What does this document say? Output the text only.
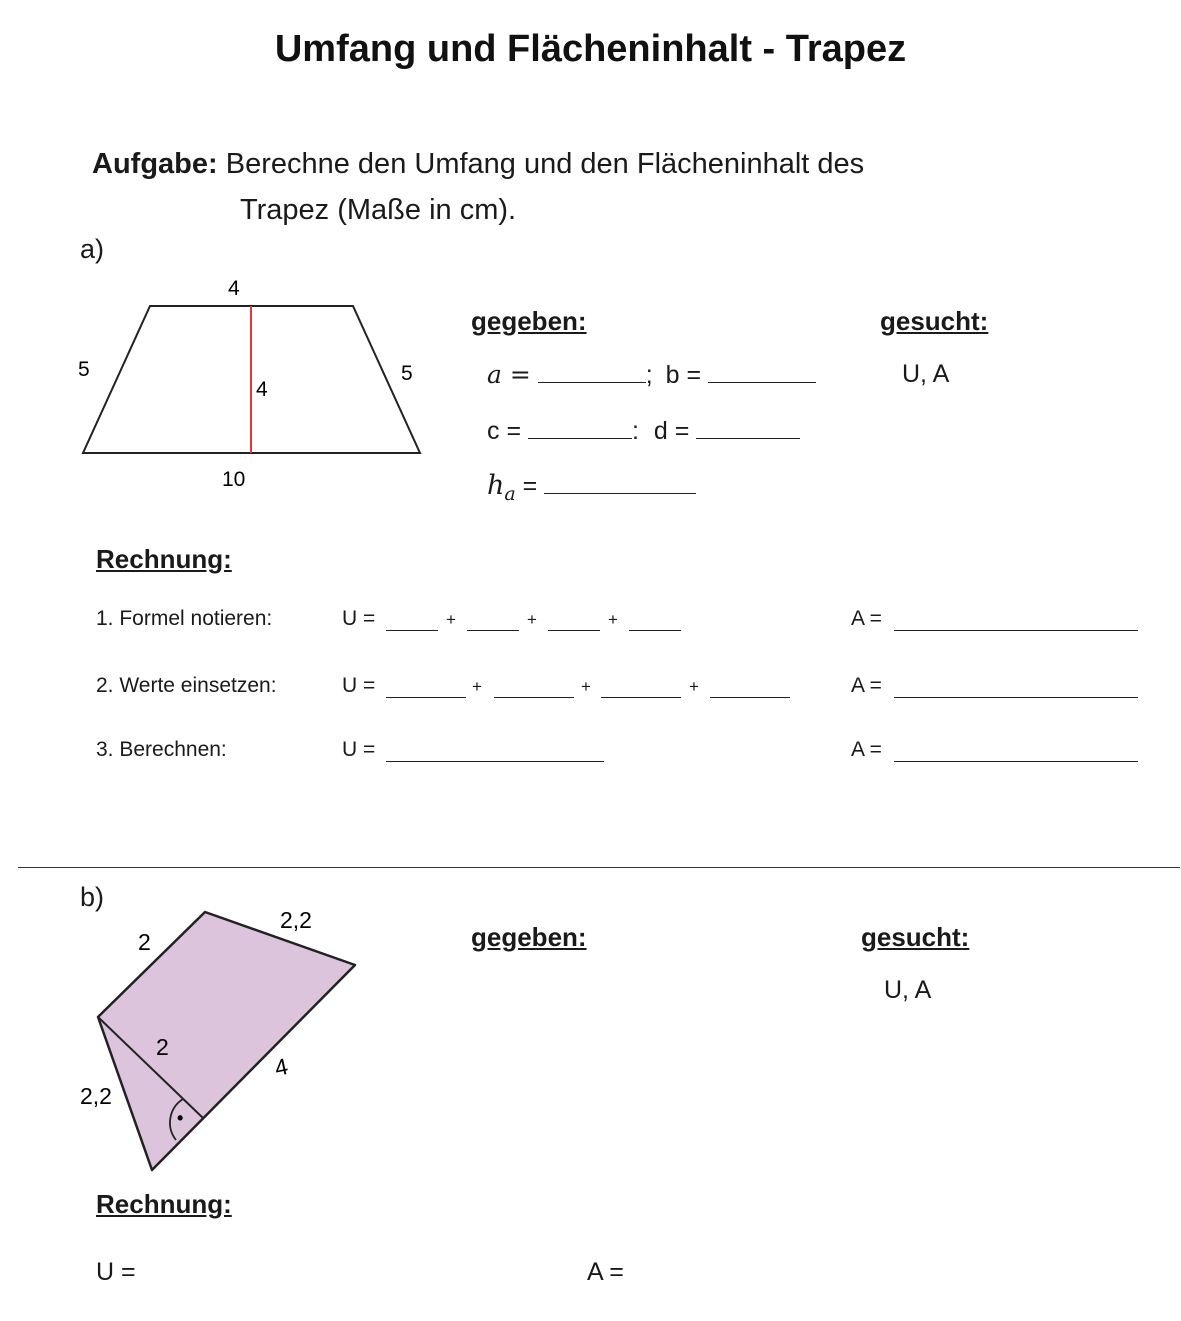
Umfang und Flächeninhalt - Trapez
Aufgabe: Berechne den Umfang und den Flächeninhalt des
Trapez (Maße in cm).
a)
4
5	5
4
10
gegeben:	gesucht:
U, A
a =	; b =
c =	: d =
$h_a$ =
Rechnung:
1. Formel notieren:	U =	+	+	+	A =
2. Werte einsetzen:	U =	+	+	+	A =
3. Berechnen:	U =	A =
b)
•
2
2,2
2
4
2,2
gegeben:	gesucht:
U, A
Rechnung:
U =	A =
